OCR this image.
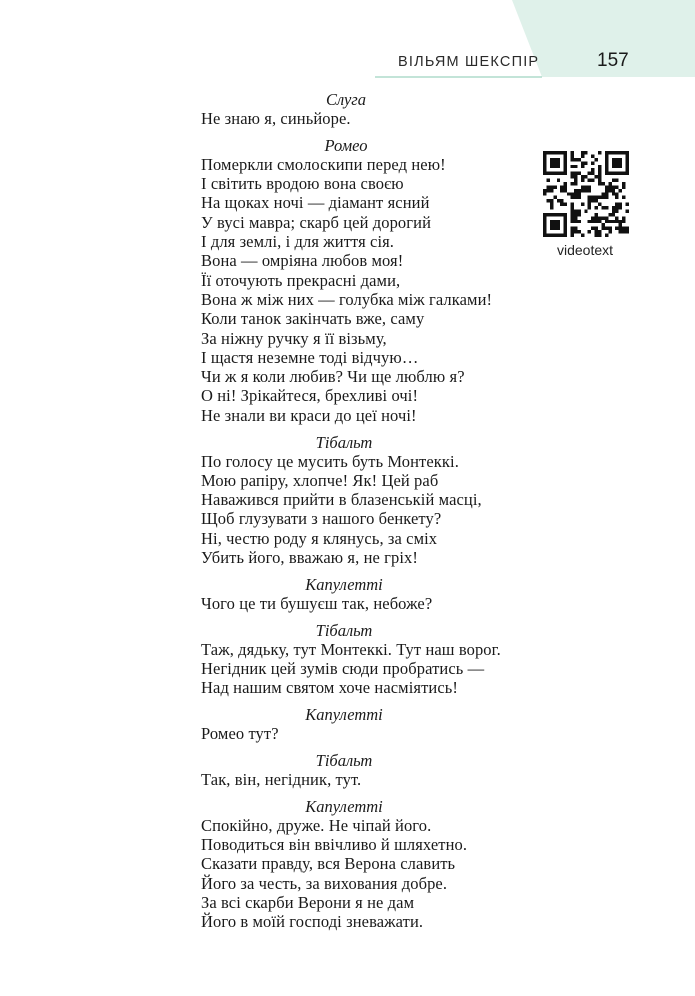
ВІЛЬЯМ ШЕКСПІР	157
videotext
Слуга
Не знаю я, синьйоре.
Ромео
Померкли смолоскипи перед нею!
І світить вродою вона своєю
На щоках ночі — діамант ясний
У вусі мавра; скарб цей дорогий
І для землі, і для життя сія.
Вона — омріяна любов моя!
Її оточують прекрасні дами,
Вона ж між них — голубка між галками!
Коли танок закінчать вже, саму
За ніжну ручку я її візьму,
І щастя неземне тоді відчую…
Чи ж я коли любив? Чи ще люблю я?
О ні! Зрікайтеся, брехливі очі!
Не знали ви краси до цеї ночі!
Тібальт
По голосу це мусить буть Монтеккі.
Мою рапіру, хлопче! Як! Цей раб
Наважився прийти в блазенській масці,
Щоб глузувати з нашого бенкету?
Ні, честю роду я клянусь, за сміх
Убить його, вважаю я, не гріх!
Капулетті
Чого це ти бушуєш так, небоже?
Тібальт
Таж, дядьку, тут Монтеккі. Тут наш ворог.
Негідник цей зумів сюди пробратись —
Над нашим святом хоче насміятись!
Капулетті
Ромео тут?
Тібальт
Так, він, негідник, тут.
Капулетті
Спокійно, друже. Не чіпай його.
Поводиться він ввічливо й шляхетно.
Сказати правду, вся Верона славить
Його за честь, за вихования добре.
За всі скарби Верони я не дам
Його в моїй господі зневажати.
